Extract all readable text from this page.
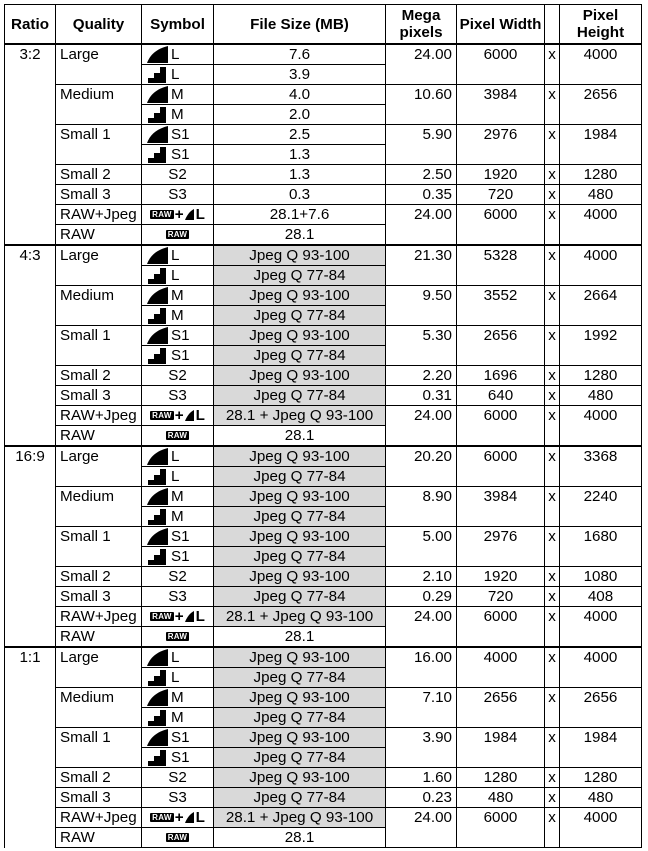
Ratio	Quality	Symbol	File Size (MB)	Mega pixels	Pixel Width		Pixel Height
3:2	Large	L	7.6	24.00	6000	x	4000

		L	3.9				
	Medium	M	4.0	10.60	3984	x	2656

		M	2.0				
	Small 1	S1	2.5	5.90	2976	x	1984

		S1	1.3				
	Small 2	S2	1.3	2.50	1920	x	1280
	Small 3	S3	0.3	0.35	720	x	480
	RAW+Jpeg	RAW + L	28.1+7.6	24.00	6000	x	4000
	RAW	RAW	28.1				
4:3	Large	L	Jpeg Q 93-100	21.30	5328	x	4000

		L	Jpeg Q 77-84				
	Medium	M	Jpeg Q 93-100	9.50	3552	x	2664

		M	Jpeg Q 77-84				
	Small 1	S1	Jpeg Q 93-100	5.30	2656	x	1992

		S1	Jpeg Q 77-84				
	Small 2	S2	Jpeg Q 93-100	2.20	1696	x	1280
	Small 3	S3	Jpeg Q 77-84	0.31	640	x	480
	RAW+Jpeg	RAW + L	28.1 + Jpeg Q 93-100	24.00	6000	x	4000
	RAW	RAW	28.1				
16:9	Large	L	Jpeg Q 93-100	20.20	6000	x	3368

		L	Jpeg Q 77-84				
	Medium	M	Jpeg Q 93-100	8.90	3984	x	2240

		M	Jpeg Q 77-84				
	Small 1	S1	Jpeg Q 93-100	5.00	2976	x	1680

		S1	Jpeg Q 77-84				
	Small 2	S2	Jpeg Q 93-100	2.10	1920	x	1080
	Small 3	S3	Jpeg Q 77-84	0.29	720	x	408
	RAW+Jpeg	RAW + L	28.1 + Jpeg Q 93-100	24.00	6000	x	4000
	RAW	RAW	28.1				
1:1	Large	L	Jpeg Q 93-100	16.00	4000	x	4000

		L	Jpeg Q 77-84				
	Medium	M	Jpeg Q 93-100	7.10	2656	x	2656

		M	Jpeg Q 77-84				
	Small 1	S1	Jpeg Q 93-100	3.90	1984	x	1984

		S1	Jpeg Q 77-84				
	Small 2	S2	Jpeg Q 93-100	1.60	1280	x	1280
	Small 3	S3	Jpeg Q 77-84	0.23	480	x	480
	RAW+Jpeg	RAW + L	28.1 + Jpeg Q 93-100	24.00	6000	x	4000
	RAW	RAW	28.1				
